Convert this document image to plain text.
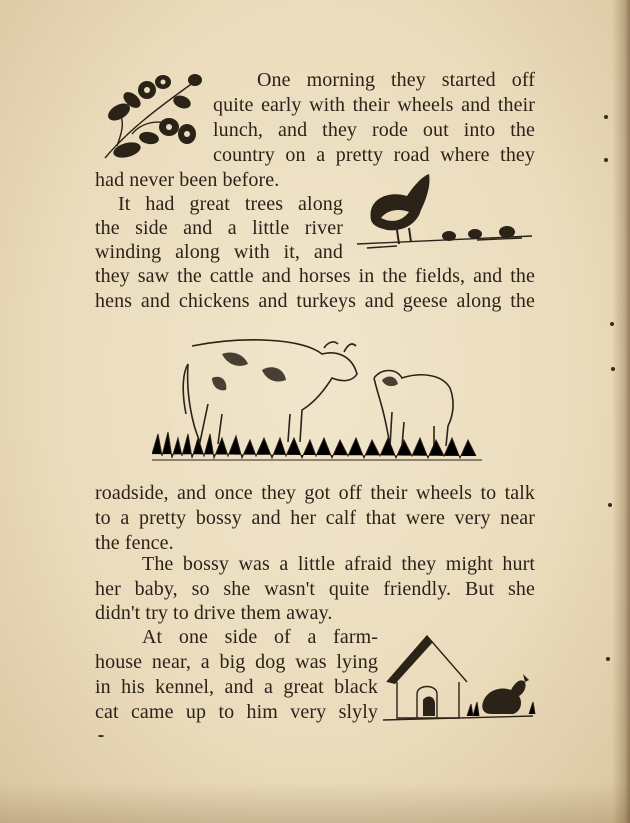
One morning they started off
quite early with their wheels and their
lunch, and they rode out into the
country on a pretty road where they
had never been before.
It had great trees along
the side and a little river
winding along with it, and
they saw the cattle and horses in the fields, and the
hens and chickens and turkeys and geese along the
roadside, and once they got off their wheels to talk
to a pretty bossy and her calf that were very near
the fence.
The bossy was a little afraid they might hurt
her baby, so she wasn't quite friendly. But she
didn't try to drive them away.
At one side of a farm-
house near, a big dog was lying
in his kennel, and a great black
cat came up to him very slyly
